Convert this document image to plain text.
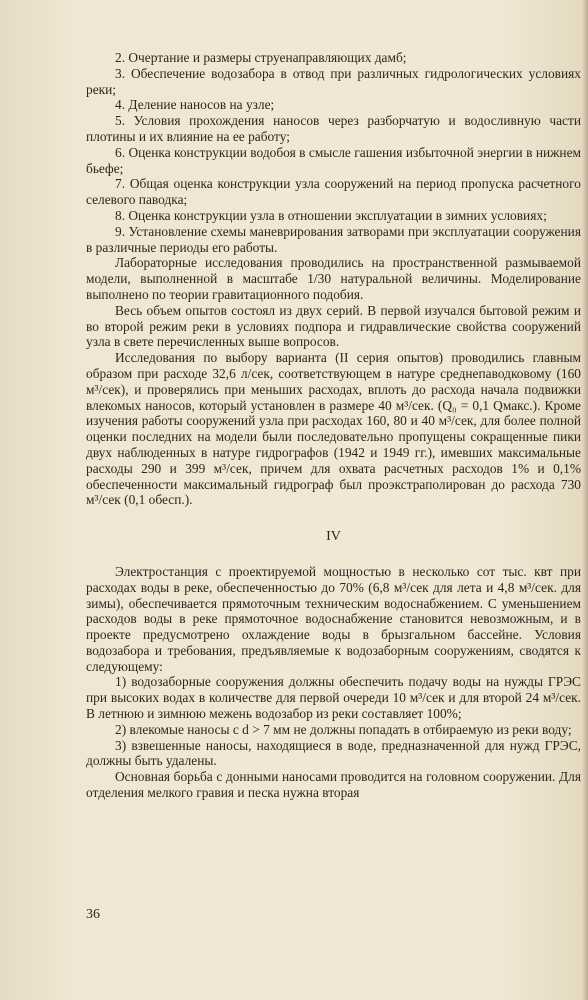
2. Очертание и размеры струенаправляющих дамб;

3. Обеспечение водозабора в отвод при различных гидрологических условиях реки;

4. Деление наносов на узле;

5. Условия прохождения наносов через разборчатую и водосливную части плотины и их влияние на ее работу;

6. Оценка конструкции водобоя в смысле гашения избыточной энергии в нижнем бьефе;

7. Общая оценка конструкции узла сооружений на период пропуска расчетного селевого паводка;

8. Оценка конструкции узла в отношении эксплуатации в зимних условиях;

9. Установление схемы маневрирования затворами при эксплуатации сооружения в различные периоды его работы.

Лабораторные исследования проводились на пространственной размываемой модели, выполненной в масштабе 1/30 натуральной величины. Моделирование выполнено по теории гравитационного подобия.

Весь объем опытов состоял из двух серий. В первой изучался бытовой режим и во второй режим реки в условиях подпора и гидравлические свойства сооружений узла в свете перечисленных выше вопросов.

Исследования по выбору варианта (II серия опытов) проводились главным образом при расходе 32,6 л/сек, соответствующем в натуре среднепаводковому (160 м³/сек), и проверялись при меньших расходах, вплоть до расхода начала подвижки влекомых наносов, который установлен в размере 40 м³/сек. (Q₀ = 0,1 Qмакс.). Кроме изучения работы сооружений узла при расходах 160, 80 и 40 м³/сек, для более полной оценки последних на модели были последовательно пропущены сокращенные пики двух наблюденных в натуре гидрографов (1942 и 1949 гг.), имевших максимальные расходы 290 и 399 м³/сек, причем для охвата расчетных расходов 1% и 0,1% обеспеченности максимальный гидрограф был проэкстраполирован до расхода 730 м³/сек (0,1 обесп.).

IV

Электростанция с проектируемой мощностью в несколько сот тыс. квт при расходах воды в реке, обеспеченностью до 70% (6,8 м³/сек для лета и 4,8 м³/сек. для зимы), обеспечивается прямоточным техническим водоснабжением. С уменьшением расходов воды в реке прямоточное водоснабжение становится невозможным, и в проекте предусмотрено охлаждение воды в брызгальном бассейне. Условия водозабора и требования, предъявляемые к водозаборным сооружениям, сводятся к следующему:

1) водозаборные сооружения должны обеспечить подачу воды на нужды ГРЭС при высоких водах в количестве для первой очереди 10 м³/сек и для второй 24 м³/сек. В летнюю и зимнюю межень водозабор из реки составляет 100%;

2) влекомые наносы с d > 7 мм не должны попадать в отбираемую из реки воду;

3) взвешенные наносы, находящиеся в воде, предназначенной для нужд ГРЭС, должны быть удалены.

Основная борьба с донными наносами проводится на головном сооружении. Для отделения мелкого гравия и песка нужна вторая

36
